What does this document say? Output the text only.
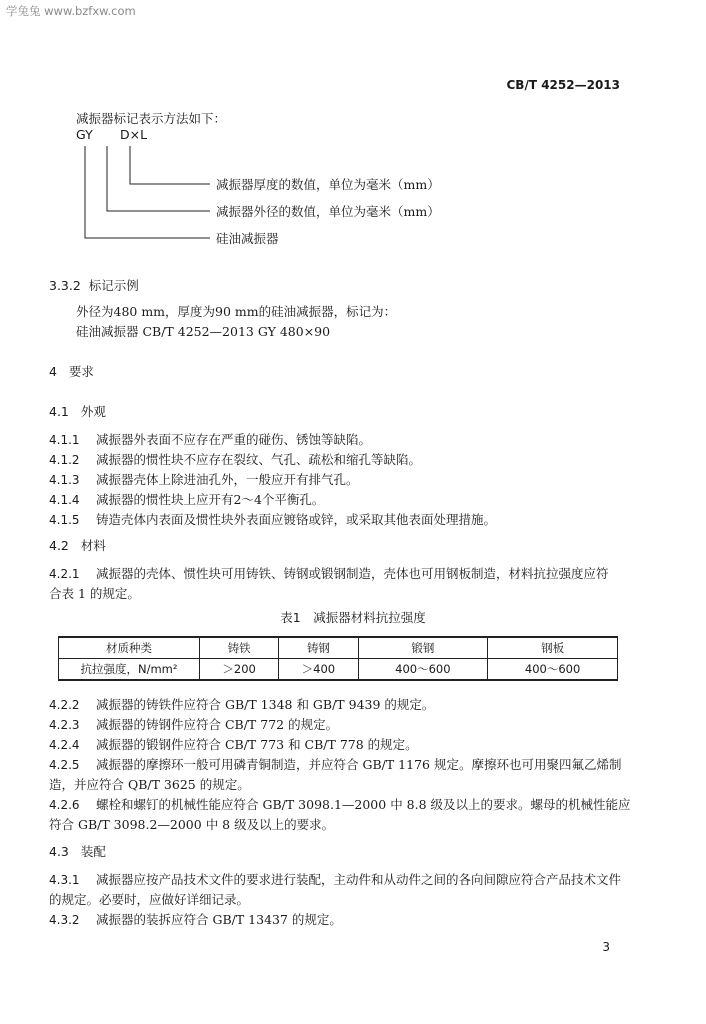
学兔兔 www.bzfxw.com
CB/T 4252—2013
减振器标记表示方法如下：
GY D×L
减振器厚度的数值，单位为毫米（mm）
减振器外径的数值，单位为毫米（mm）
硅油减振器
3.3.2 标记示例
外径为480 mm，厚度为90 mm的硅油减振器，标记为：
硅油减振器 CB/T 4252—2013 GY 480×90
4 要求
4.1 外观
4.1.1 减振器外表面不应存在严重的碰伤、锈蚀等缺陷。
4.1.2 减振器的惯性块不应存在裂纹、气孔、疏松和缩孔等缺陷。
4.1.3 减振器壳体上除进油孔外，一般应开有排气孔。
4.1.4 减振器的惯性块上应开有2～4个平衡孔。
4.1.5 铸造壳体内表面及惯性块外表面应镀铬或锌，或采取其他表面处理措施。
4.2 材料
4.2.1 减振器的壳体、惯性块可用铸铁、铸钢或锻钢制造，壳体也可用钢板制造，材料抗拉强度应符
合表 1 的规定。
表1　减振器材料抗拉强度
材质种类	铸铁	铸钢	锻钢	钢板
抗拉强度，N/mm²	＞200	＞400	400～600	400～600
4.2.2 减振器的铸铁件应符合 GB/T 1348 和 GB/T 9439 的规定。
4.2.3 减振器的铸钢件应符合 CB/T 772 的规定。
4.2.4 减振器的锻钢件应符合 CB/T 773 和 CB/T 778 的规定。
4.2.5 减振器的摩擦环一般可用磷青铜制造，并应符合 GB/T 1176 规定。摩擦环也可用聚四氟乙烯制
造，并应符合 QB/T 3625 的规定。
4.2.6 螺栓和螺钉的机械性能应符合 GB/T 3098.1—2000 中 8.8 级及以上的要求。螺母的机械性能应
符合 GB/T 3098.2—2000 中 8 级及以上的要求。
4.3 装配
4.3.1 减振器应按产品技术文件的要求进行装配，主动件和从动件之间的各向间隙应符合产品技术文件
的规定。必要时，应做好详细记录。
4.3.2 减振器的装拆应符合 GB/T 13437 的规定。
3
